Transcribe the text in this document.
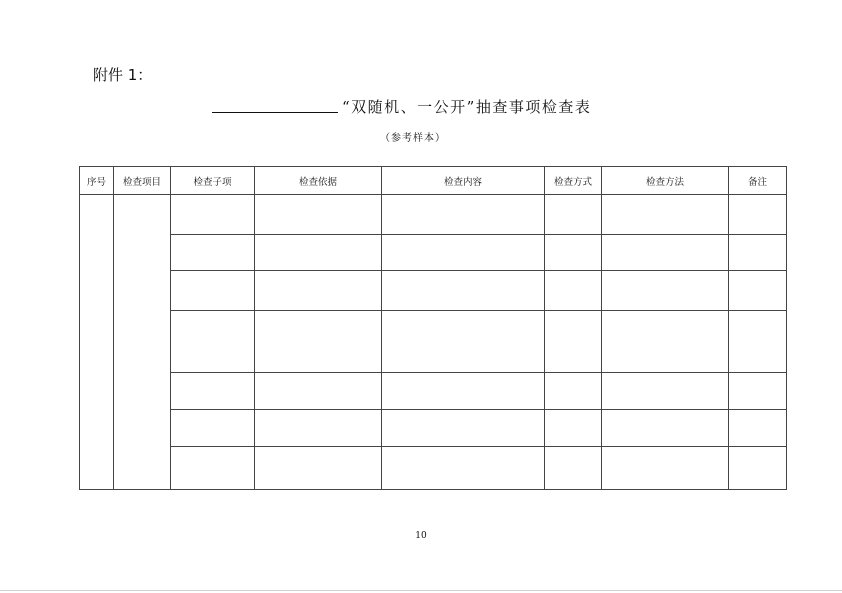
附件 1：
“双随机、一公开”抽查事项检查表
（参考样本）
序号	检查项目	检查子项	检查依据	检查内容	检查方式	检查方法	备注

10
